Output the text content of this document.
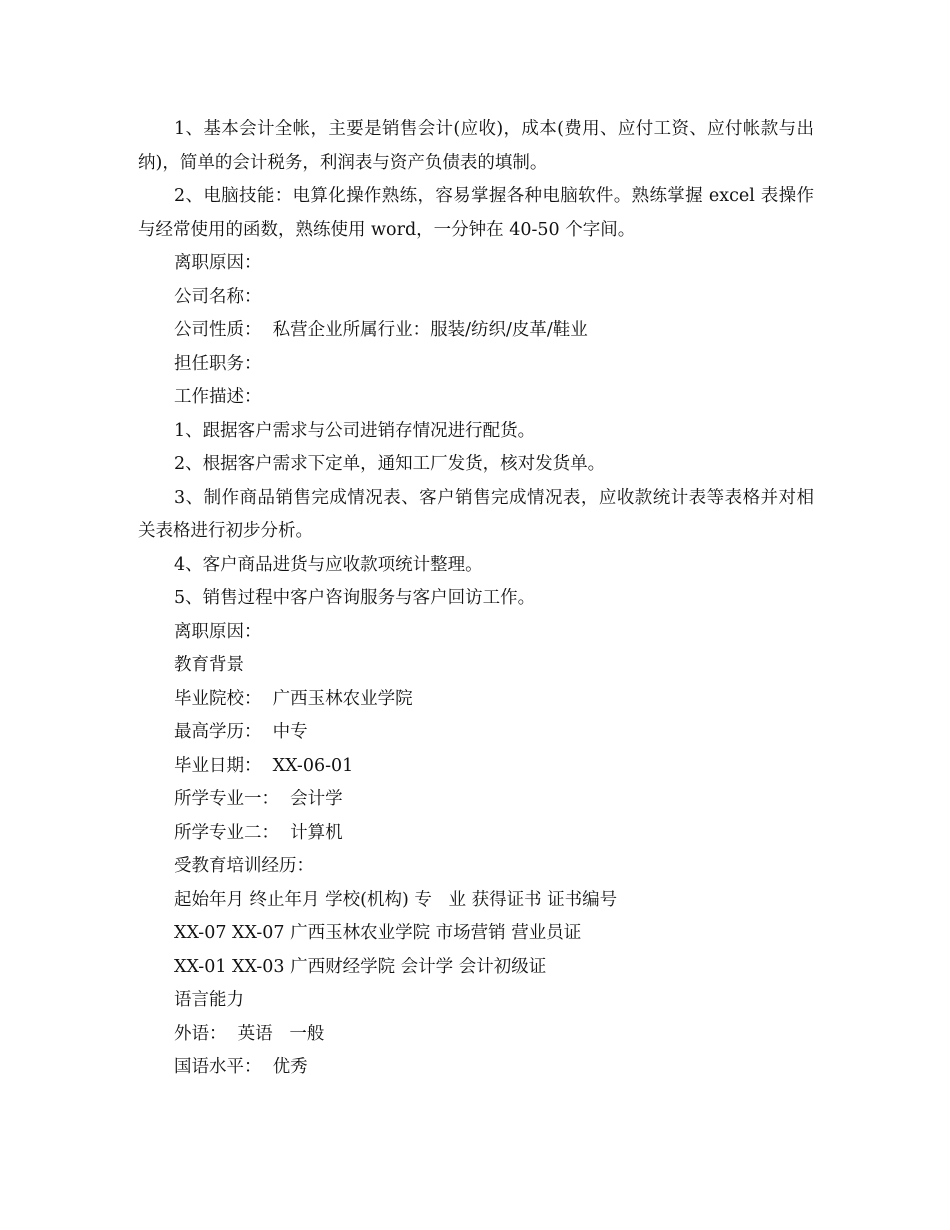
1、基本会计全帐，主要是销售会计(应收)，成本(费用、应付工资、应付帐款与出纳)，简单的会计税务，利润表与资产负债表的填制。

2、电脑技能：电算化操作熟练，容易掌握各种电脑软件。熟练掌握 excel 表操作与经常使用的函数，熟练使用 word，一分钟在 40-50 个字间。

离职原因：

公司名称：

公司性质：  私营企业所属行业：服装/纺织/皮革/鞋业

担任职务：

工作描述：

1、跟据客户需求与公司进销存情况进行配货。

2、根据客户需求下定单，通知工厂发货，核对发货单。

3、制作商品销售完成情况表、客户销售完成情况表，应收款统计表等表格并对相关表格进行初步分析。

4、客户商品进货与应收款项统计整理。

5、销售过程中客户咨询服务与客户回访工作。

离职原因：

教育背景

毕业院校：  广西玉林农业学院

最高学历：  中专

毕业日期：  XX-06-01

所学专业一：  会计学

所学专业二：  计算机

受教育培训经历：

起始年月 终止年月 学校(机构) 专   业 获得证书 证书编号

XX-07 XX-07 广西玉林农业学院 市场营销 营业员证

XX-01 XX-03 广西财经学院 会计学 会计初级证

语言能力

外语：  英语   一般

国语水平：  优秀
